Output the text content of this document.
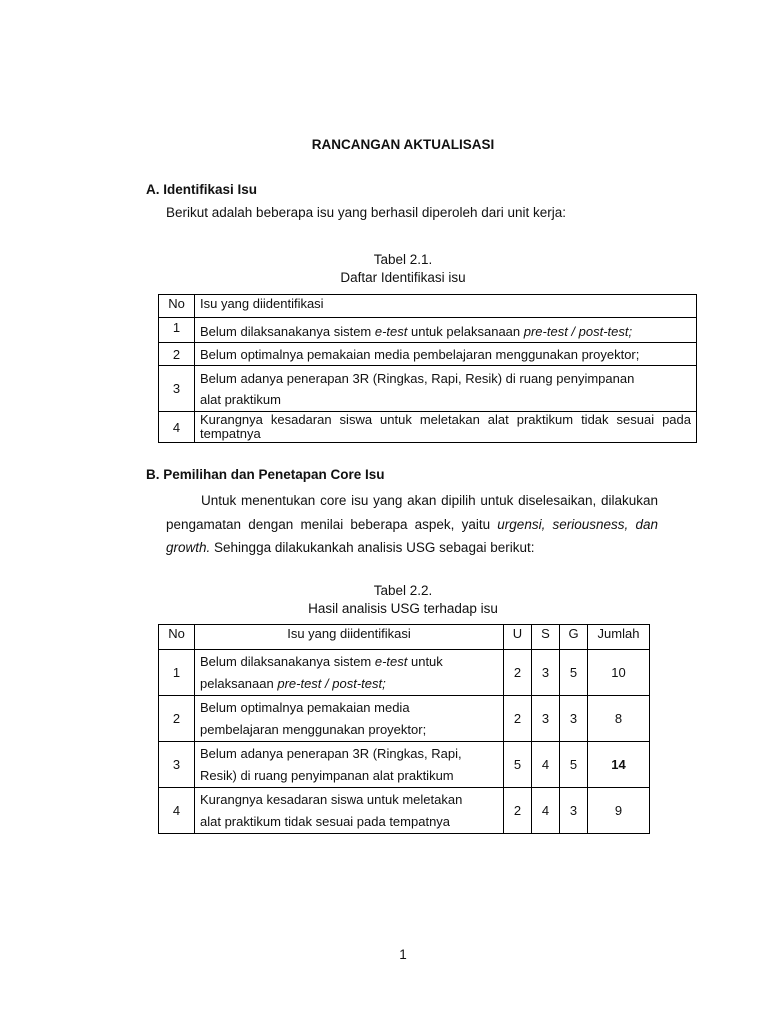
RANCANGAN AKTUALISASI
A. Identifikasi Isu
Berikut adalah beberapa isu yang berhasil diperoleh dari unit kerja:
Tabel 2.1.
Daftar Identifikasi isu
No	Isu yang diidentifikasi
1	Belum dilaksanakanya sistem e-test untuk pelaksanaan pre-test / post-test;
2	Belum optimalnya pemakaian media pembelajaran menggunakan proyektor;
3	Belum adanya penerapan 3R (Ringkas, Rapi, Resik) di ruang penyimpanan
alat praktikum
4	Kurangnya kesadaran siswa untuk meletakan alat praktikum tidak sesuai pada tempatnya
B. Pemilihan dan Penetapan Core Isu

Untuk menentukan core isu yang akan dipilih untuk diselesaikan, dilakukan pengamatan dengan menilai beberapa aspek, yaitu urgensi, seriousness, dan growth. Sehingga dilakukankah analisis USG sebagai berikut:

Tabel 2.2.
Hasil analisis USG terhadap isu
No	Isu yang diidentifikasi	U	S	G	Jumlah
1	Belum dilaksanakanya sistem e-test untuk
pelaksanaan pre-test / post-test;	2	3	5	10
2	Belum optimalnya pemakaian media
pembelajaran menggunakan proyektor;	2	3	3	8
3	Belum adanya penerapan 3R (Ringkas, Rapi,
Resik) di ruang penyimpanan alat praktikum	5	4	5	14
4	Kurangnya kesadaran siswa untuk meletakan
alat praktikum tidak sesuai pada tempatnya	2	4	3	9
1
